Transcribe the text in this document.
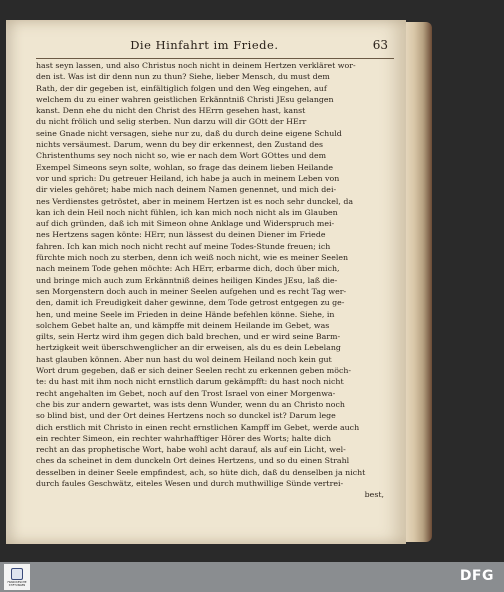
Die Hinfahrt im Friede.	63
hast seyn lassen, und also Christus noch nicht in deinem Hertzen verkläret wor-
den ist. Was ist dir denn nun zu thun? Siehe, lieber Mensch, du must dem
Rath, der dir gegeben ist, einfältiglich folgen und den Weg eingehen, auf
welchem du zu einer wahren geistlichen Erkänntniß Christi JEsu gelangen
kanst. Denn ehe du nicht den Christ des HErrn gesehen hast, kanst
du nicht frölich und selig sterben. Nun darzu will dir GOtt der HErr
seine Gnade nicht versagen, siehe nur zu, daß du durch deine eigene Schuld
nichts versäumest. Darum, wenn du bey dir erkennest, den Zustand des
Christenthums sey noch nicht so, wie er nach dem Wort GOttes und dem
Exempel Simeons seyn solte, wohlan, so frage das deinem lieben Heilande
vor und sprich: Du getreuer Heiland, ich habe ja auch in meinem Leben von
dir vieles gehöret; habe mich nach deinem Namen genennet, und mich dei-
nes Verdienstes getröstet, aber in meinem Hertzen ist es noch sehr dunckel, da
kan ich dein Heil noch nicht fühlen, ich kan mich noch nicht als im Glauben
auf dich gründen, daß ich mit Simeon ohne Anklage und Widerspruch mei-
nes Hertzens sagen könte: HErr, nun lässest du deinen Diener im Friede
fahren. Ich kan mich noch nicht recht auf meine Todes-Stunde freuen; ich
fürchte mich noch zu sterben, denn ich weiß noch nicht, wie es meiner Seelen
nach meinem Tode gehen möchte: Ach HErr, erbarme dich, doch über mich,
und bringe mich auch zum Erkänntniß deines heiligen Kindes JEsu, laß die-
sen Morgenstern doch auch in meiner Seelen aufgehen und es recht Tag wer-
den, damit ich Freudigkeit daher gewinne, dem Tode getrost entgegen zu ge-
hen, und meine Seele im Frieden in deine Hände befehlen könne. Siehe, in
solchem Gebet halte an, und kämpffe mit deinem Heilande im Gebet, was
gilts, sein Hertz wird ihm gegen dich bald brechen, und er wird seine Barm-
hertzigkeit weit überschwenglicher an dir erweisen, als du es dein Lebelang
hast glauben können. Aber nun hast du wol deinem Heiland noch kein gut
Wort drum gegeben, daß er sich deiner Seelen recht zu erkennen geben möch-
te: du hast mit ihm noch nicht ernstlich darum gekämpfft: du hast noch nicht
recht angehalten im Gebet, noch auf den Trost Israel von einer Morgenwa-
che bis zur andern gewartet, was ists denn Wunder, wenn du an Christo noch
so blind bist, und der Ort deines Hertzens noch so dunckel ist? Darum lege
dich erstlich mit Christo in einen recht ernstlichen Kampff im Gebet, werde auch
ein rechter Simeon, ein rechter wahrhafftiger Hörer des Worts; halte dich
recht an das prophetische Wort, habe wohl acht darauf, als auf ein Licht, wel-
ches da scheinet in dem dunckeln Ort deines Hertzens, und so du einen Strahl
desselben in deiner Seele empfindest, ach, so hüte dich, daß du denselben ja nicht
durch faules Geschwätz, eiteles Wesen und durch muthwillige Sünde vertrei-
best,
FRANCKESCHE STIFTUNGEN
DFG
